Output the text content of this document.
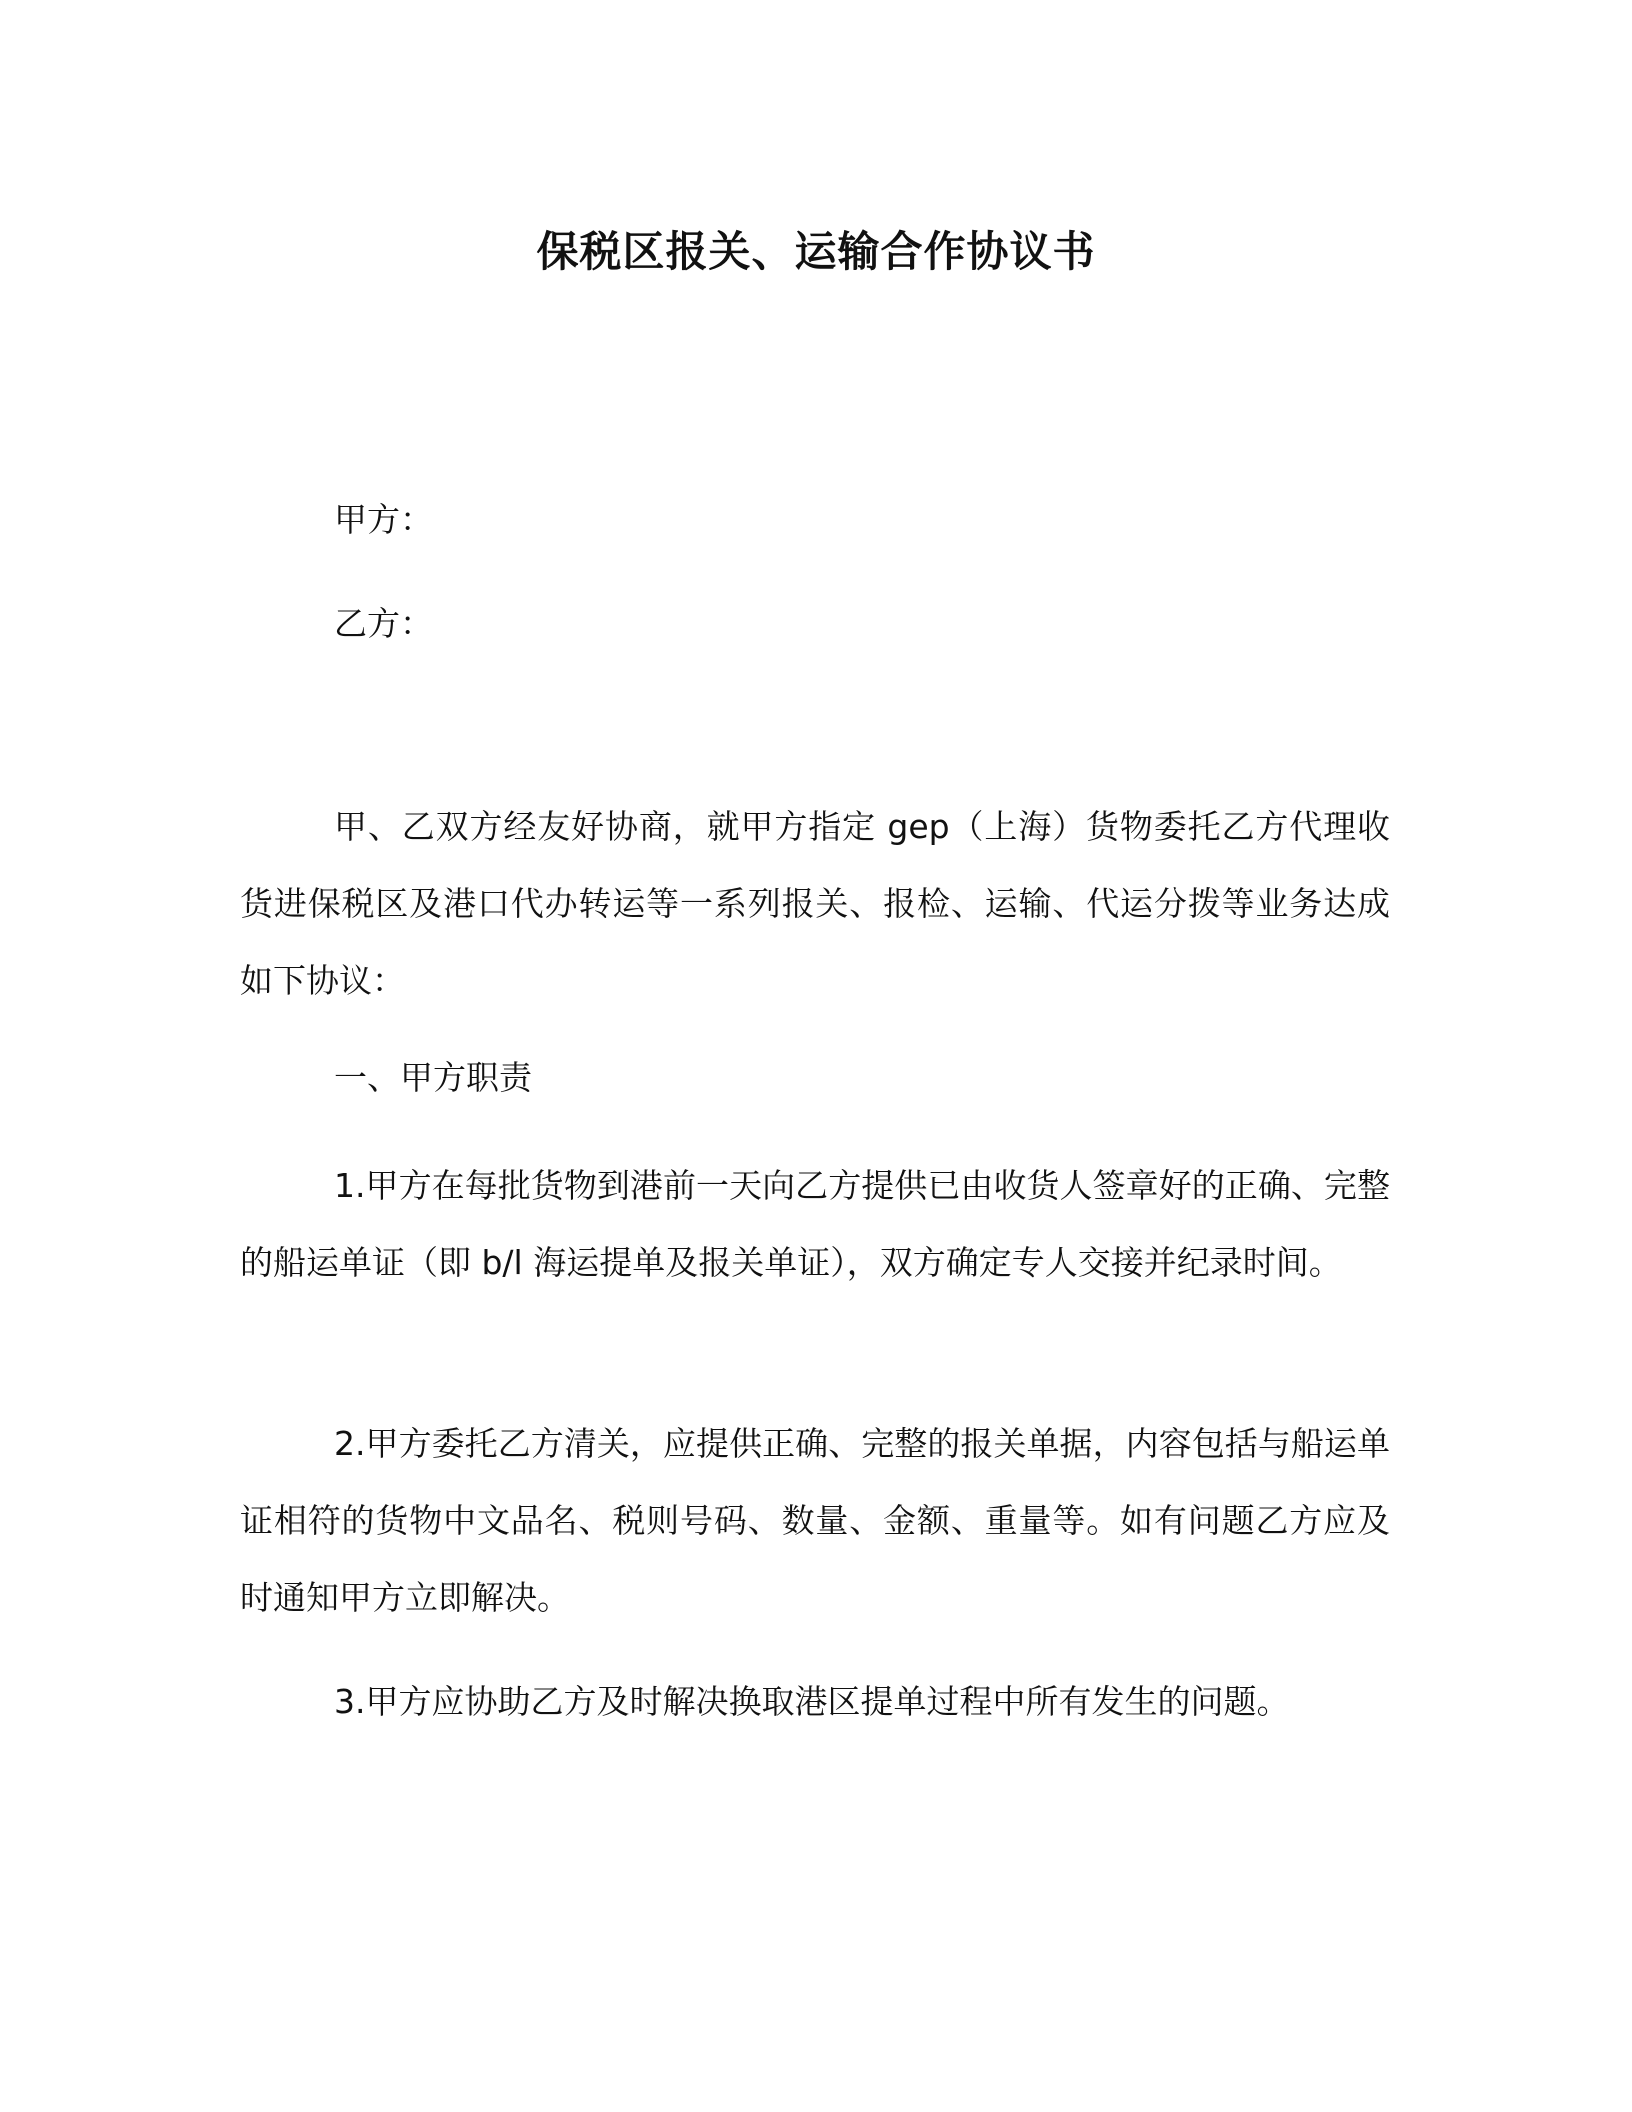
保税区报关、运输合作协议书

甲方：

乙方：

甲、乙双方经友好协商，就甲方指定 gep（上海）货物委托乙方代理收货进保税区及港口代办转运等一系列报关、报检、运输、代运分拨等业务达成如下协议：

一、甲方职责

1.甲方在每批货物到港前一天向乙方提供已由收货人签章好的正确、完整的船运单证（即 b/l 海运提单及报关单证），双方确定专人交接并纪录时间。

2.甲方委托乙方清关，应提供正确、完整的报关单据，内容包括与船运单证相符的货物中文品名、税则号码、数量、金额、重量等。如有问题乙方应及时通知甲方立即解决。

3.甲方应协助乙方及时解决换取港区提单过程中所有发生的问题。
